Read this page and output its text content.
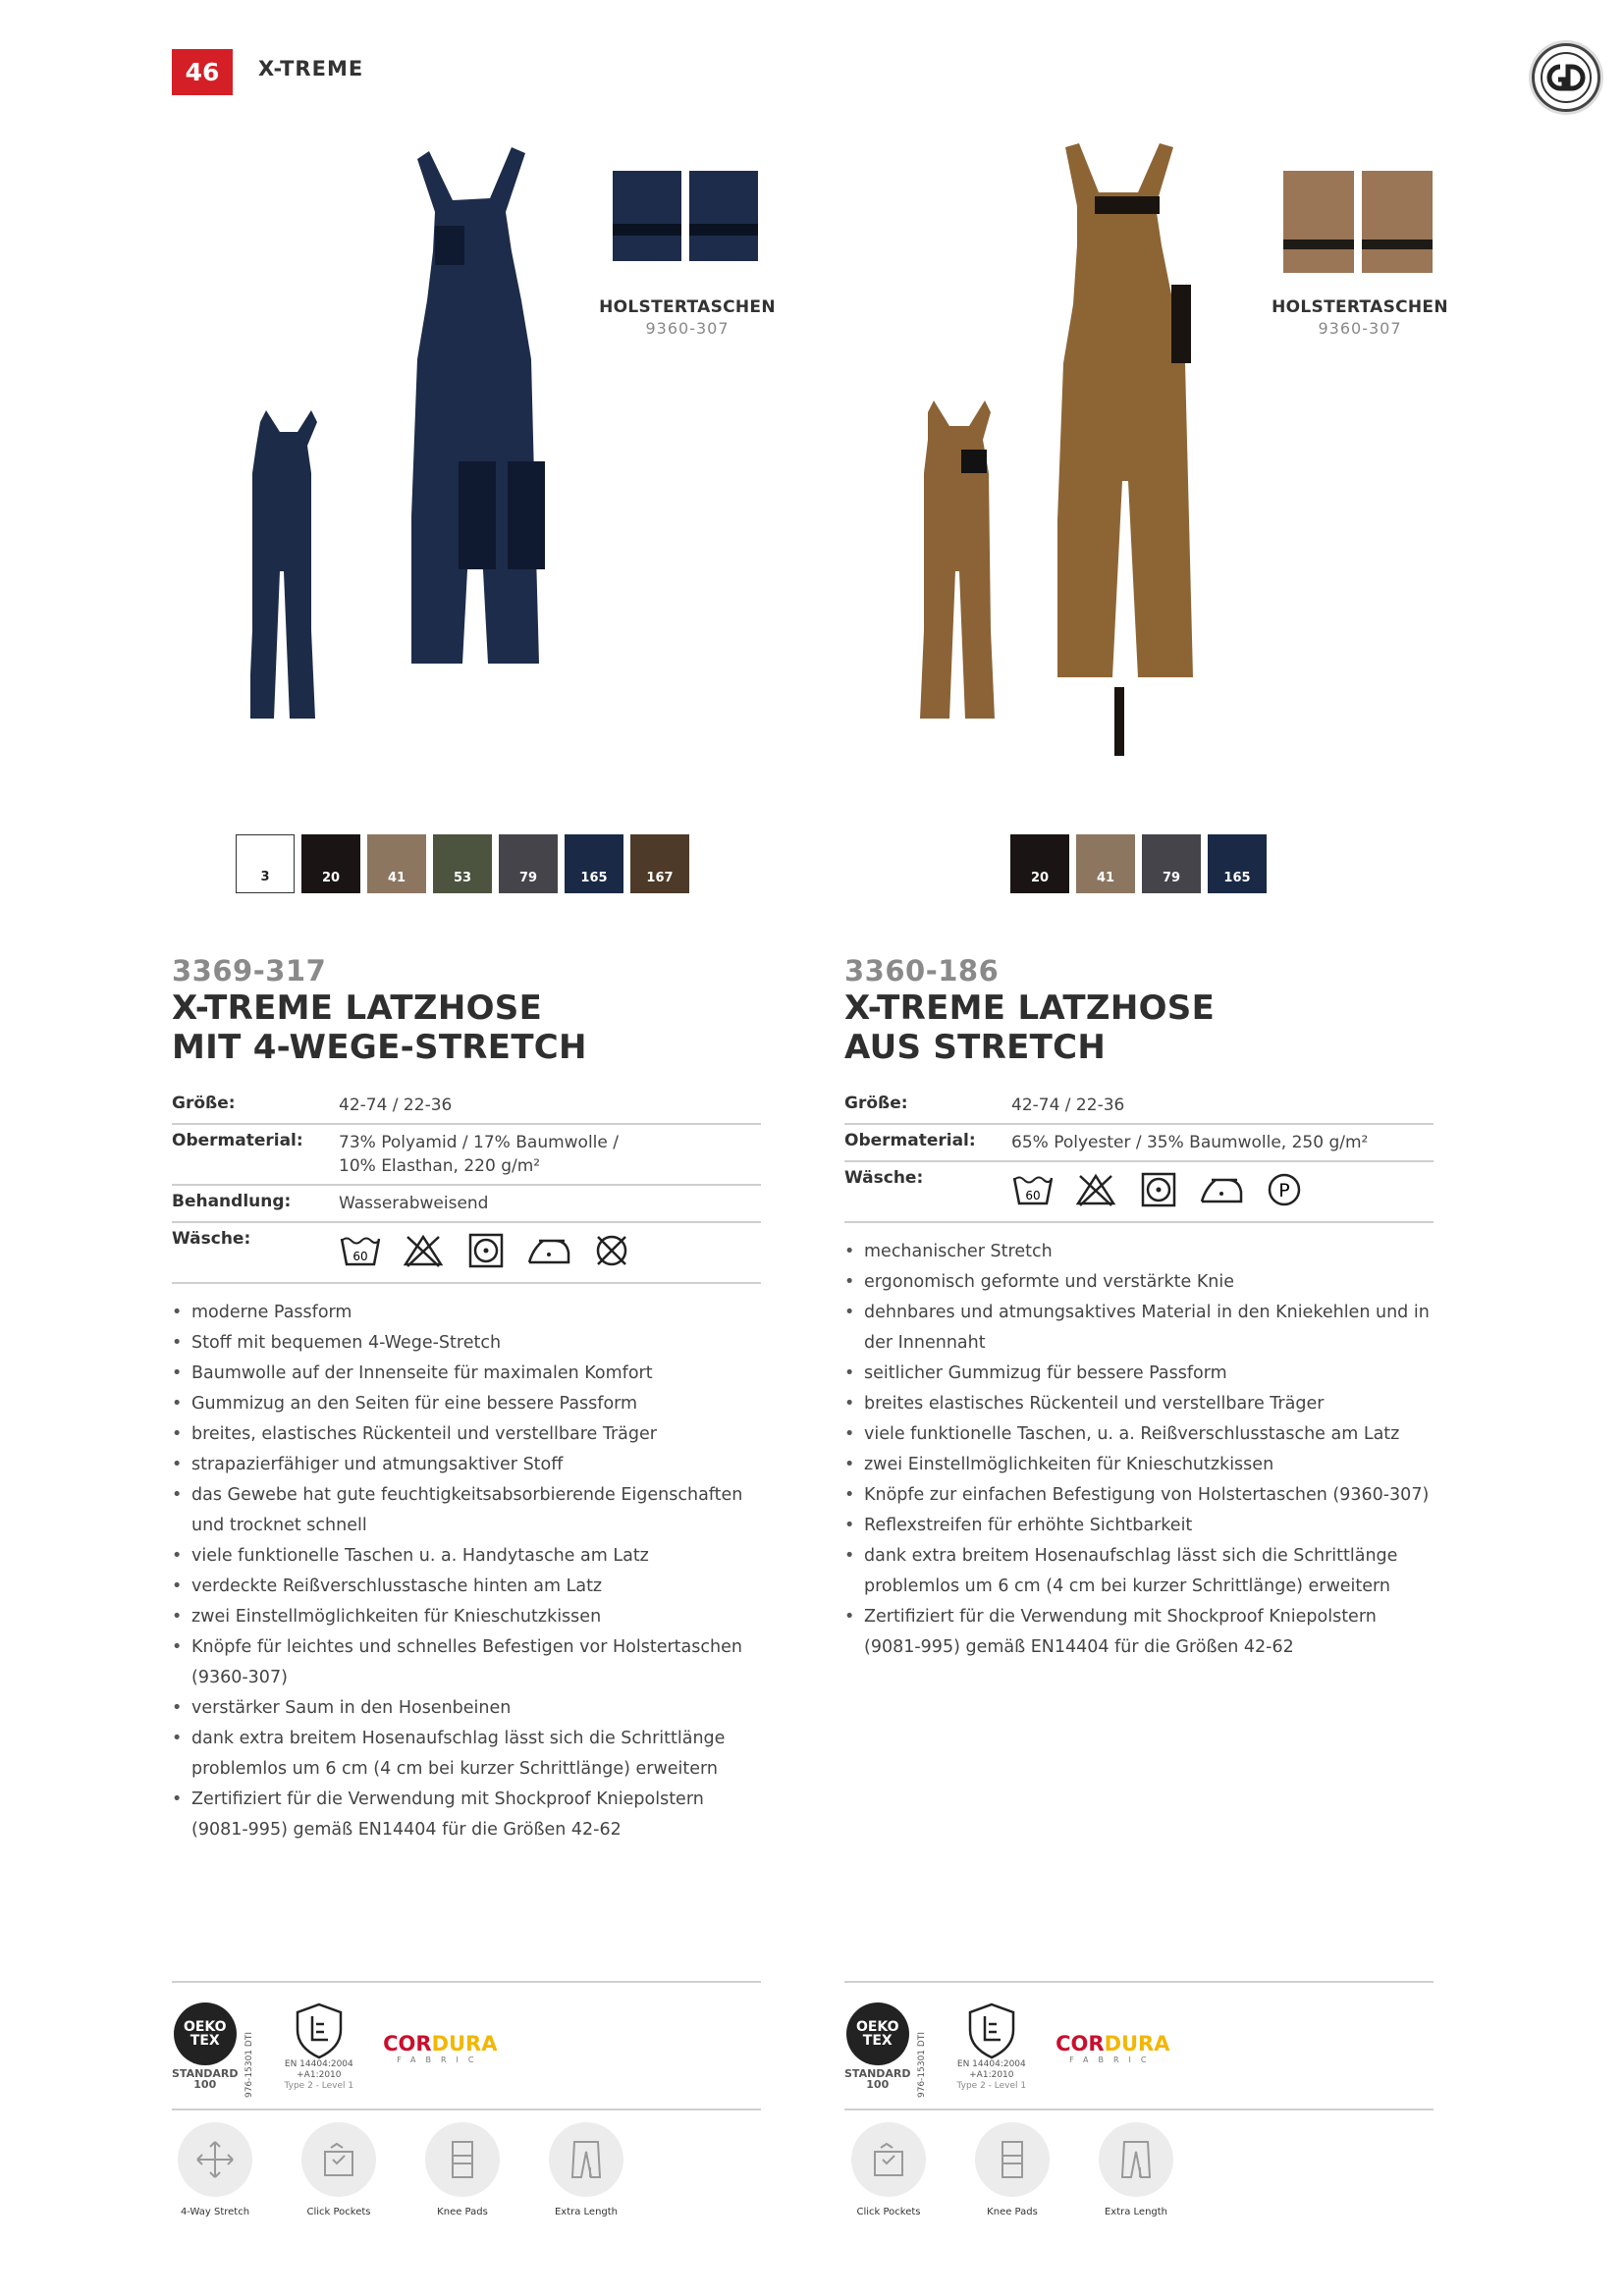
46	X-TREME
HOLSTERTASCHEN
9360-307
HOLSTERTASCHEN
9360-307
3	20	41	53	79	165	167	20	41	79	165
3369-317
X-TREME LATZHOSE
MIT 4-WEGE-STRETCH
Größe:	42-74 / 22-36
Obermaterial:	73% Polyamid / 17% Baumwolle /
10% Elasthan, 220 g/m²
Behandlung:	Wasserabweisend
Wäsche:
60
• moderne Passform
• Stoff mit bequemen 4-Wege-Stretch
• Baumwolle auf der Innenseite für maximalen Komfort
• Gummizug an den Seiten für eine bessere Passform
• breites, elastisches Rückenteil und verstellbare Träger
• strapazierfähiger und atmungsaktiver Stoff
• das Gewebe hat gute feuchtigkeitsabsorbierende Eigenschaften und trocknet schnell
• viele funktionelle Taschen u. a. Handytasche am Latz
• verdeckte Reißverschlusstasche hinten am Latz
• zwei Einstellmöglichkeiten für Knieschutzkissen
• Knöpfe für leichtes und schnelles Befestigen vor Holstertaschen (9360-307)
• verstärker Saum in den Hosenbeinen
• dank extra breitem Hosenaufschlag lässt sich die Schrittlänge problemlos um 6 cm (4 cm bei kurzer Schrittlänge) erweitern
• Zertifiziert für die Verwendung mit Shockproof Kniepolstern (9081-995) gemäß EN14404 für die Größen 42-62
3360-186
X-TREME LATZHOSE
AUS STRETCH
Größe:	42-74 / 22-36
Obermaterial:	65% Polyester / 35% Baumwolle, 250 g/m²
Wäsche:
60	P
• mechanischer Stretch
• ergonomisch geformte und verstärkte Knie
• dehnbares und atmungsaktives Material in den Kniekehlen und in der Innennaht
• seitlicher Gummizug für bessere Passform
• breites elastisches Rückenteil und verstellbare Träger
• viele funktionelle Taschen, u. a. Reißverschlusstasche am Latz
• zwei Einstellmöglichkeiten für Knieschutzkissen
• Knöpfe zur einfachen Befestigung von Holstertaschen (9360-307)
• Reflexstreifen für erhöhte Sichtbarkeit
• dank extra breitem Hosenaufschlag lässt sich die Schrittlänge problemlos um 6 cm (4 cm bei kurzer Schrittlänge) erweitern
• Zertifiziert für die Verwendung mit Shockproof Kniepolstern (9081-995) gemäß EN14404 für die Größen 42-62
OEKO
TEX
STANDARD
100	976-15301 DTI
EN 14404:2004
+A1:2010
Type 2 - Level 1
CORDURA
FABRIC
OEKO
TEX
STANDARD
100	976-15301 DTI
EN 14404:2004
+A1:2010
Type 2 - Level 1
CORDURA
FABRIC
4-Way Stretch	Click Pockets	Knee Pads	Extra Length	Click Pockets	Knee Pads	Extra Length
